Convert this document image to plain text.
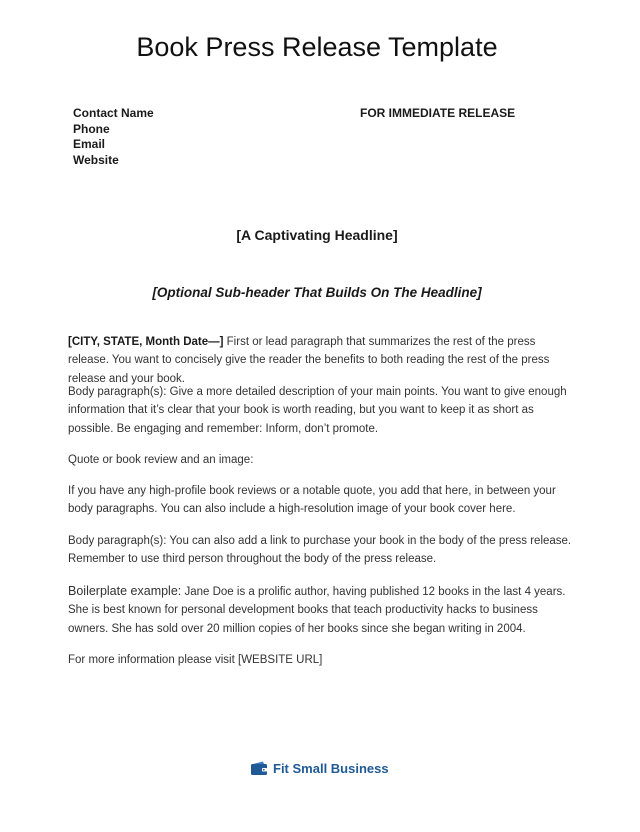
Book Press Release Template
Contact Name
Phone
Email
Website
FOR IMMEDIATE RELEASE
[A Captivating Headline]
[Optional Sub-header That Builds On The Headline]
[CITY, STATE, Month Date—] First or lead paragraph that summarizes the rest of the press release. You want to concisely give the reader the benefits to both reading the rest of the press release and your book.
Body paragraph(s): Give a more detailed description of your main points. You want to give enough information that it’s clear that your book is worth reading, but you want to keep it as short as possible. Be engaging and remember: Inform, don’t promote.
Quote or book review and an image:
If you have any high-profile book reviews or a notable quote, you add that here, in between your body paragraphs. You can also include a high-resolution image of your book cover here.
Body paragraph(s): You can also add a link to purchase your book in the body of the press release. Remember to use third person throughout the body of the press release.
Boilerplate example: Jane Doe is a prolific author, having published 12 books in the last 4 years. She is best known for personal development books that teach productivity hacks to business owners. She has sold over 20 million copies of her books since she began writing in 2004.
For more information please visit [WEBSITE URL]
Fit Small Business
